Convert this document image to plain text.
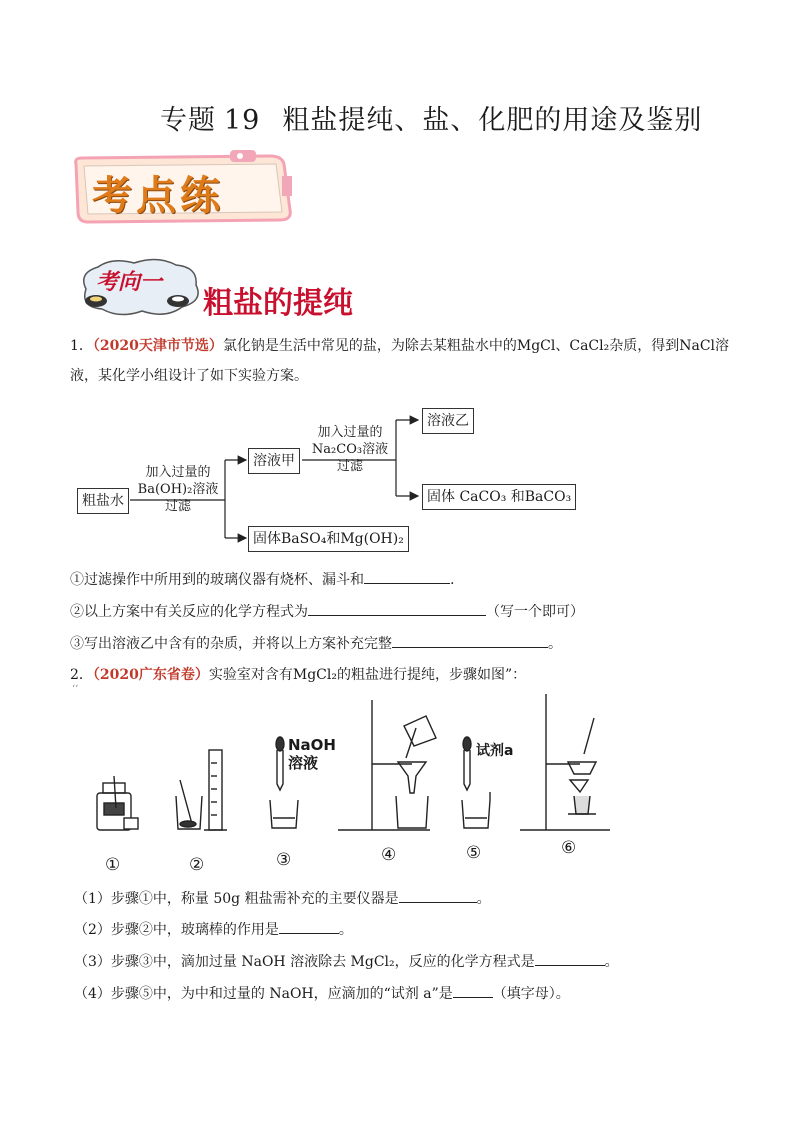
专题 19 粗盐提纯、盐、化肥的用途及鉴别
考点练
考向一
粗盐的提纯
1．（2020天津市节选）氯化钠是生活中常见的盐，为除去某粗盐水中的MgCl、CaCl₂杂质，得到NaCl溶
液，某化学小组设计了如下实验方案。
粗盐水
加入过量的
Ba(OH)₂溶液
过滤
溶液甲
固体BaSO₄和Mg(OH)₂
加入过量的
Na₂CO₃溶液
过滤
溶液乙
固体 CaCO₃ 和BaCO₃
①过滤操作中所用到的玻璃仪器有烧杯、漏斗和	.
②以上方案中有关反应的化学方程式为	（写一个即可）
③写出溶液乙中含有的杂质，并将以上方案补充完整	。
2．（2020广东省卷）实验室对含有MgCl₂的粗盐进行提纯，步骤如图”：
‘‘
NaOH
溶液
试剂a
①	②	③	④	⑤	⑥
（1）步骤①中，称量 50g 粗盐需补充的主要仪器是	。
（2）步骤②中，玻璃棒的作用是	。
（3）步骤③中，滴加过量 NaOH 溶液除去 MgCl₂，反应的化学方程式是	。
（4）步骤⑤中，为中和过量的 NaOH，应滴加的“试剂 a”是	（填字母）。
